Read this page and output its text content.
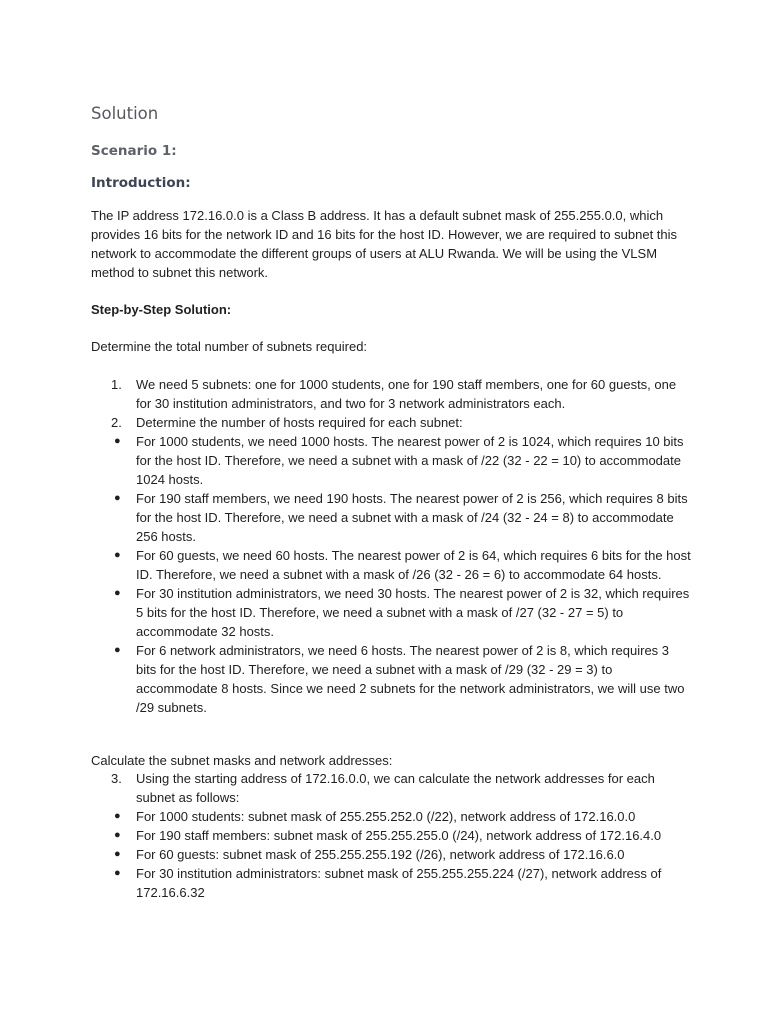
Solution
Scenario 1:
Introduction:

The IP address 172.16.0.0 is a Class B address. It has a default subnet mask of 255.255.0.0, which provides 16 bits for the network ID and 16 bits for the host ID. However, we are required to subnet this network to accommodate the different groups of users at ALU Rwanda. We will be using the VLSM method to subnet this network.

Step-by-Step Solution:

Determine the total number of subnets required:

1.	We need 5 subnets: one for 1000 students, one for 190 staff members, one for 60 guests, one for 30 institution administrators, and two for 3 network administrators each.
2.	Determine the number of hosts required for each subnet:
●	For 1000 students, we need 1000 hosts. The nearest power of 2 is 1024, which requires 10 bits for the host ID. Therefore, we need a subnet with a mask of /22 (32 - 22 = 10) to accommodate 1024 hosts.
●	For 190 staff members, we need 190 hosts. The nearest power of 2 is 256, which requires 8 bits for the host ID. Therefore, we need a subnet with a mask of /24 (32 - 24 = 8) to accommodate 256 hosts.
●	For 60 guests, we need 60 hosts. The nearest power of 2 is 64, which requires 6 bits for the host ID. Therefore, we need a subnet with a mask of /26 (32 - 26 = 6) to accommodate 64 hosts.
●	For 30 institution administrators, we need 30 hosts. The nearest power of 2 is 32, which requires 5 bits for the host ID. Therefore, we need a subnet with a mask of /27 (32 - 27 = 5) to accommodate 32 hosts.
●	For 6 network administrators, we need 6 hosts. The nearest power of 2 is 8, which requires 3 bits for the host ID. Therefore, we need a subnet with a mask of /29 (32 - 29 = 3) to accommodate 8 hosts. Since we need 2 subnets for the network administrators, we will use two /29 subnets.

Calculate the subnet masks and network addresses:

3.	Using the starting address of 172.16.0.0, we can calculate the network addresses for each subnet as follows:
●	For 1000 students: subnet mask of 255.255.252.0 (/22), network address of 172.16.0.0
●	For 190 staff members: subnet mask of 255.255.255.0 (/24), network address of 172.16.4.0
●	For 60 guests: subnet mask of 255.255.255.192 (/26), network address of 172.16.6.0
●	For 30 institution administrators: subnet mask of 255.255.255.224 (/27), network address of 172.16.6.32
